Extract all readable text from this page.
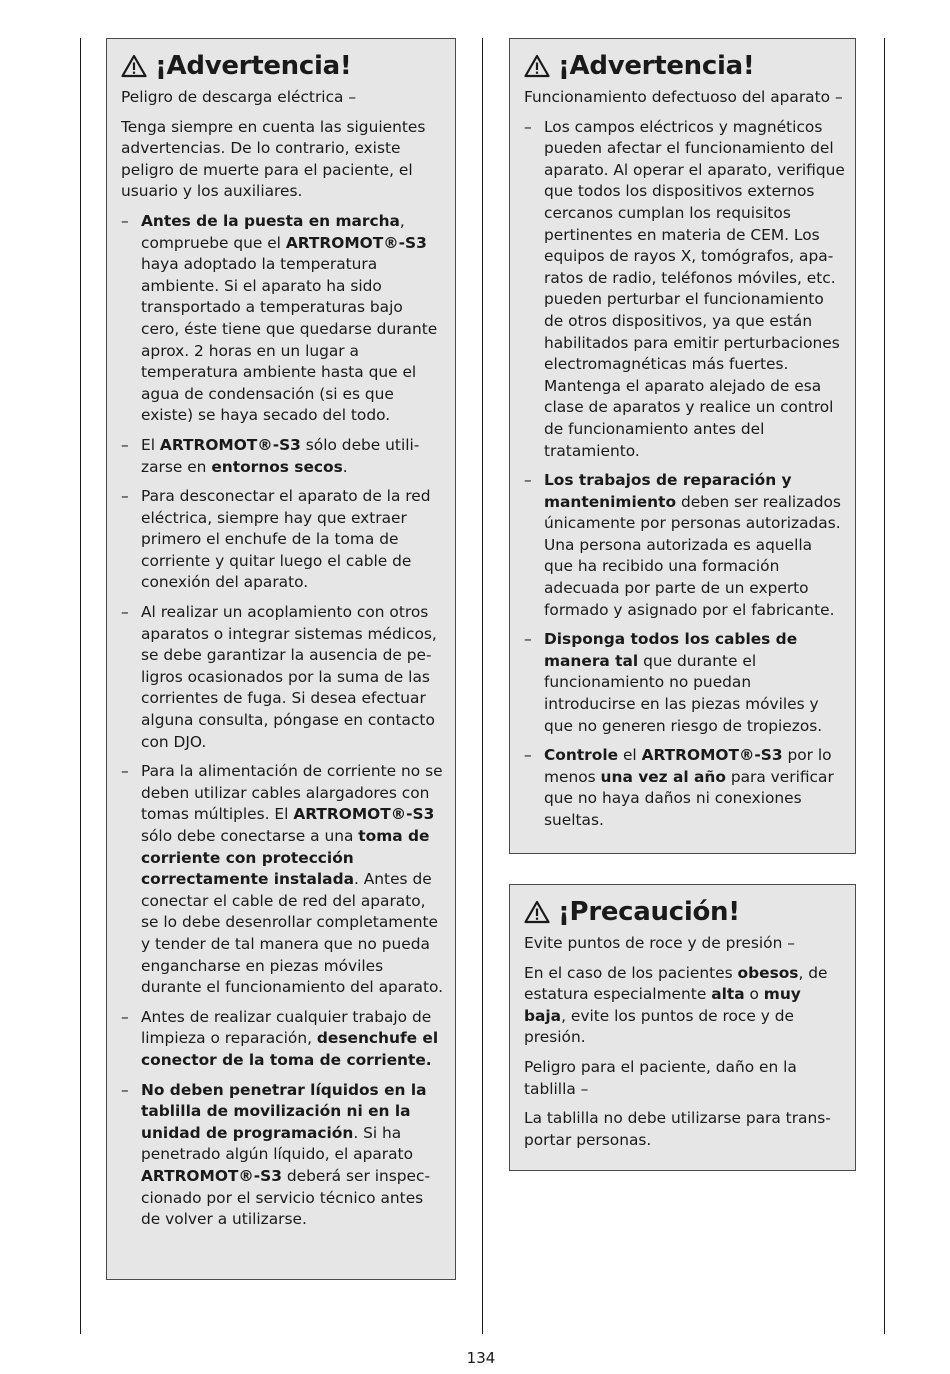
¡Advertencia!

Peligro de descarga eléctrica –

Tenga siempre en cuenta las siguientes advertencias. De lo contrario, existe peligro de muerte para el paciente, el usuario y los auxiliares.

– Antes de la puesta en marcha, compruebe que el ARTROMOT®-S3 haya adoptado la temperatura ambiente. Si el aparato ha sido transportado a temperaturas bajo cero, éste tiene que quedarse durante aprox. 2 horas en un lugar a temperatura ambiente hasta que el agua de condensación (si es que existe) se haya secado del todo.
– El ARTROMOT®-S3 sólo debe utilizarse en entornos secos.
– Para desconectar el aparato de la red eléctrica, siempre hay que extraer primero el enchufe de la toma de corriente y quitar luego el cable de conexión del aparato.
– Al realizar un acoplamiento con otros aparatos o integrar sistemas médicos, se debe garantizar la ausencia de peligros ocasionados por la suma de las corrientes de fuga. Si desea efectuar alguna consulta, póngase en contacto con DJO.
– Para la alimentación de corriente no se deben utilizar cables alargadores con tomas múltiples. El ARTROMOT®-S3 sólo debe conectarse a una toma de corriente con protección correctamente instalada. Antes de conectar el cable de red del aparato, se lo debe desenrollar completamente y tender de tal manera que no pueda engancharse en piezas móviles durante el funcionamiento del aparato.
– Antes de realizar cualquier trabajo de limpieza o reparación, desenchufe el conector de la toma de corriente.
– No deben penetrar líquidos en la tablilla de movilización ni en la unidad de programación. Si ha penetrado algún líquido, el aparato ARTROMOT®-S3 deberá ser inspeccionado por el servicio técnico antes de volver a utilizarse.
¡Advertencia!

Funcionamiento defectuoso del aparato –

– Los campos eléctricos y magnéticos pueden afectar el funcionamiento del aparato. Al operar el aparato, verifique que todos los dispositivos externos cercanos cumplan los requisitos pertinentes en materia de CEM. Los equipos de rayos X, tomógrafos, aparatos de radio, teléfonos móviles, etc. pueden perturbar el funcionamiento de otros dispositivos, ya que están habilitados para emitir perturbaciones electromagnéticas más fuertes. Mantenga el aparato alejado de esa clase de aparatos y realice un control de funcionamiento antes del tratamiento.
– Los trabajos de reparación y mantenimiento deben ser realizados únicamente por personas autorizadas. Una persona autorizada es aquella que ha recibido una formación adecuada por parte de un experto formado y asignado por el fabricante.
– Disponga todos los cables de manera tal que durante el funcionamiento no puedan introducirse en las piezas móviles y que no generen riesgo de tropiezos.
– Controle el ARTROMOT®-S3 por lo menos una vez al año para verificar que no haya daños ni conexiones sueltas.
¡Precaución!

Evite puntos de roce y de presión –

En el caso de los pacientes obesos, de estatura especialmente alta o muy baja, evite los puntos de roce y de presión.

Peligro para el paciente, daño en la tablilla –

La tablilla no debe utilizarse para transportar personas.

134
